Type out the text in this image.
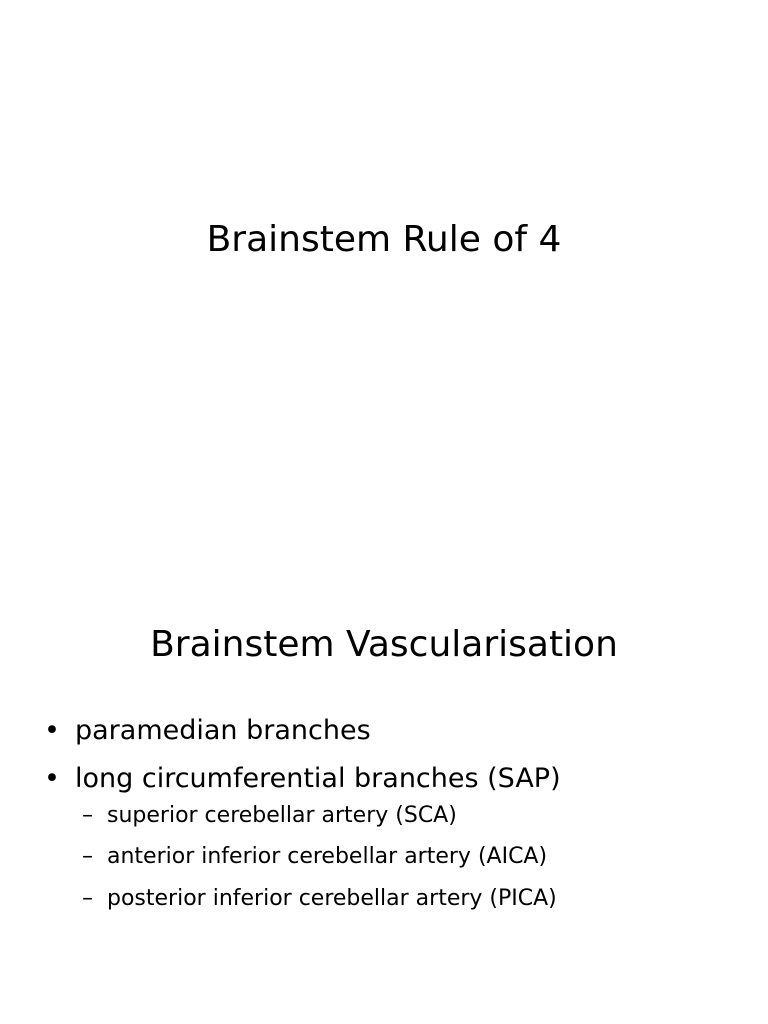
Brainstem Rule of 4
Brainstem Vascularisation
• paramedian branches
• long circumferential branches (SAP)
– superior cerebellar artery (SCA)
– anterior inferior cerebellar artery (AICA)
– posterior inferior cerebellar artery (PICA)
